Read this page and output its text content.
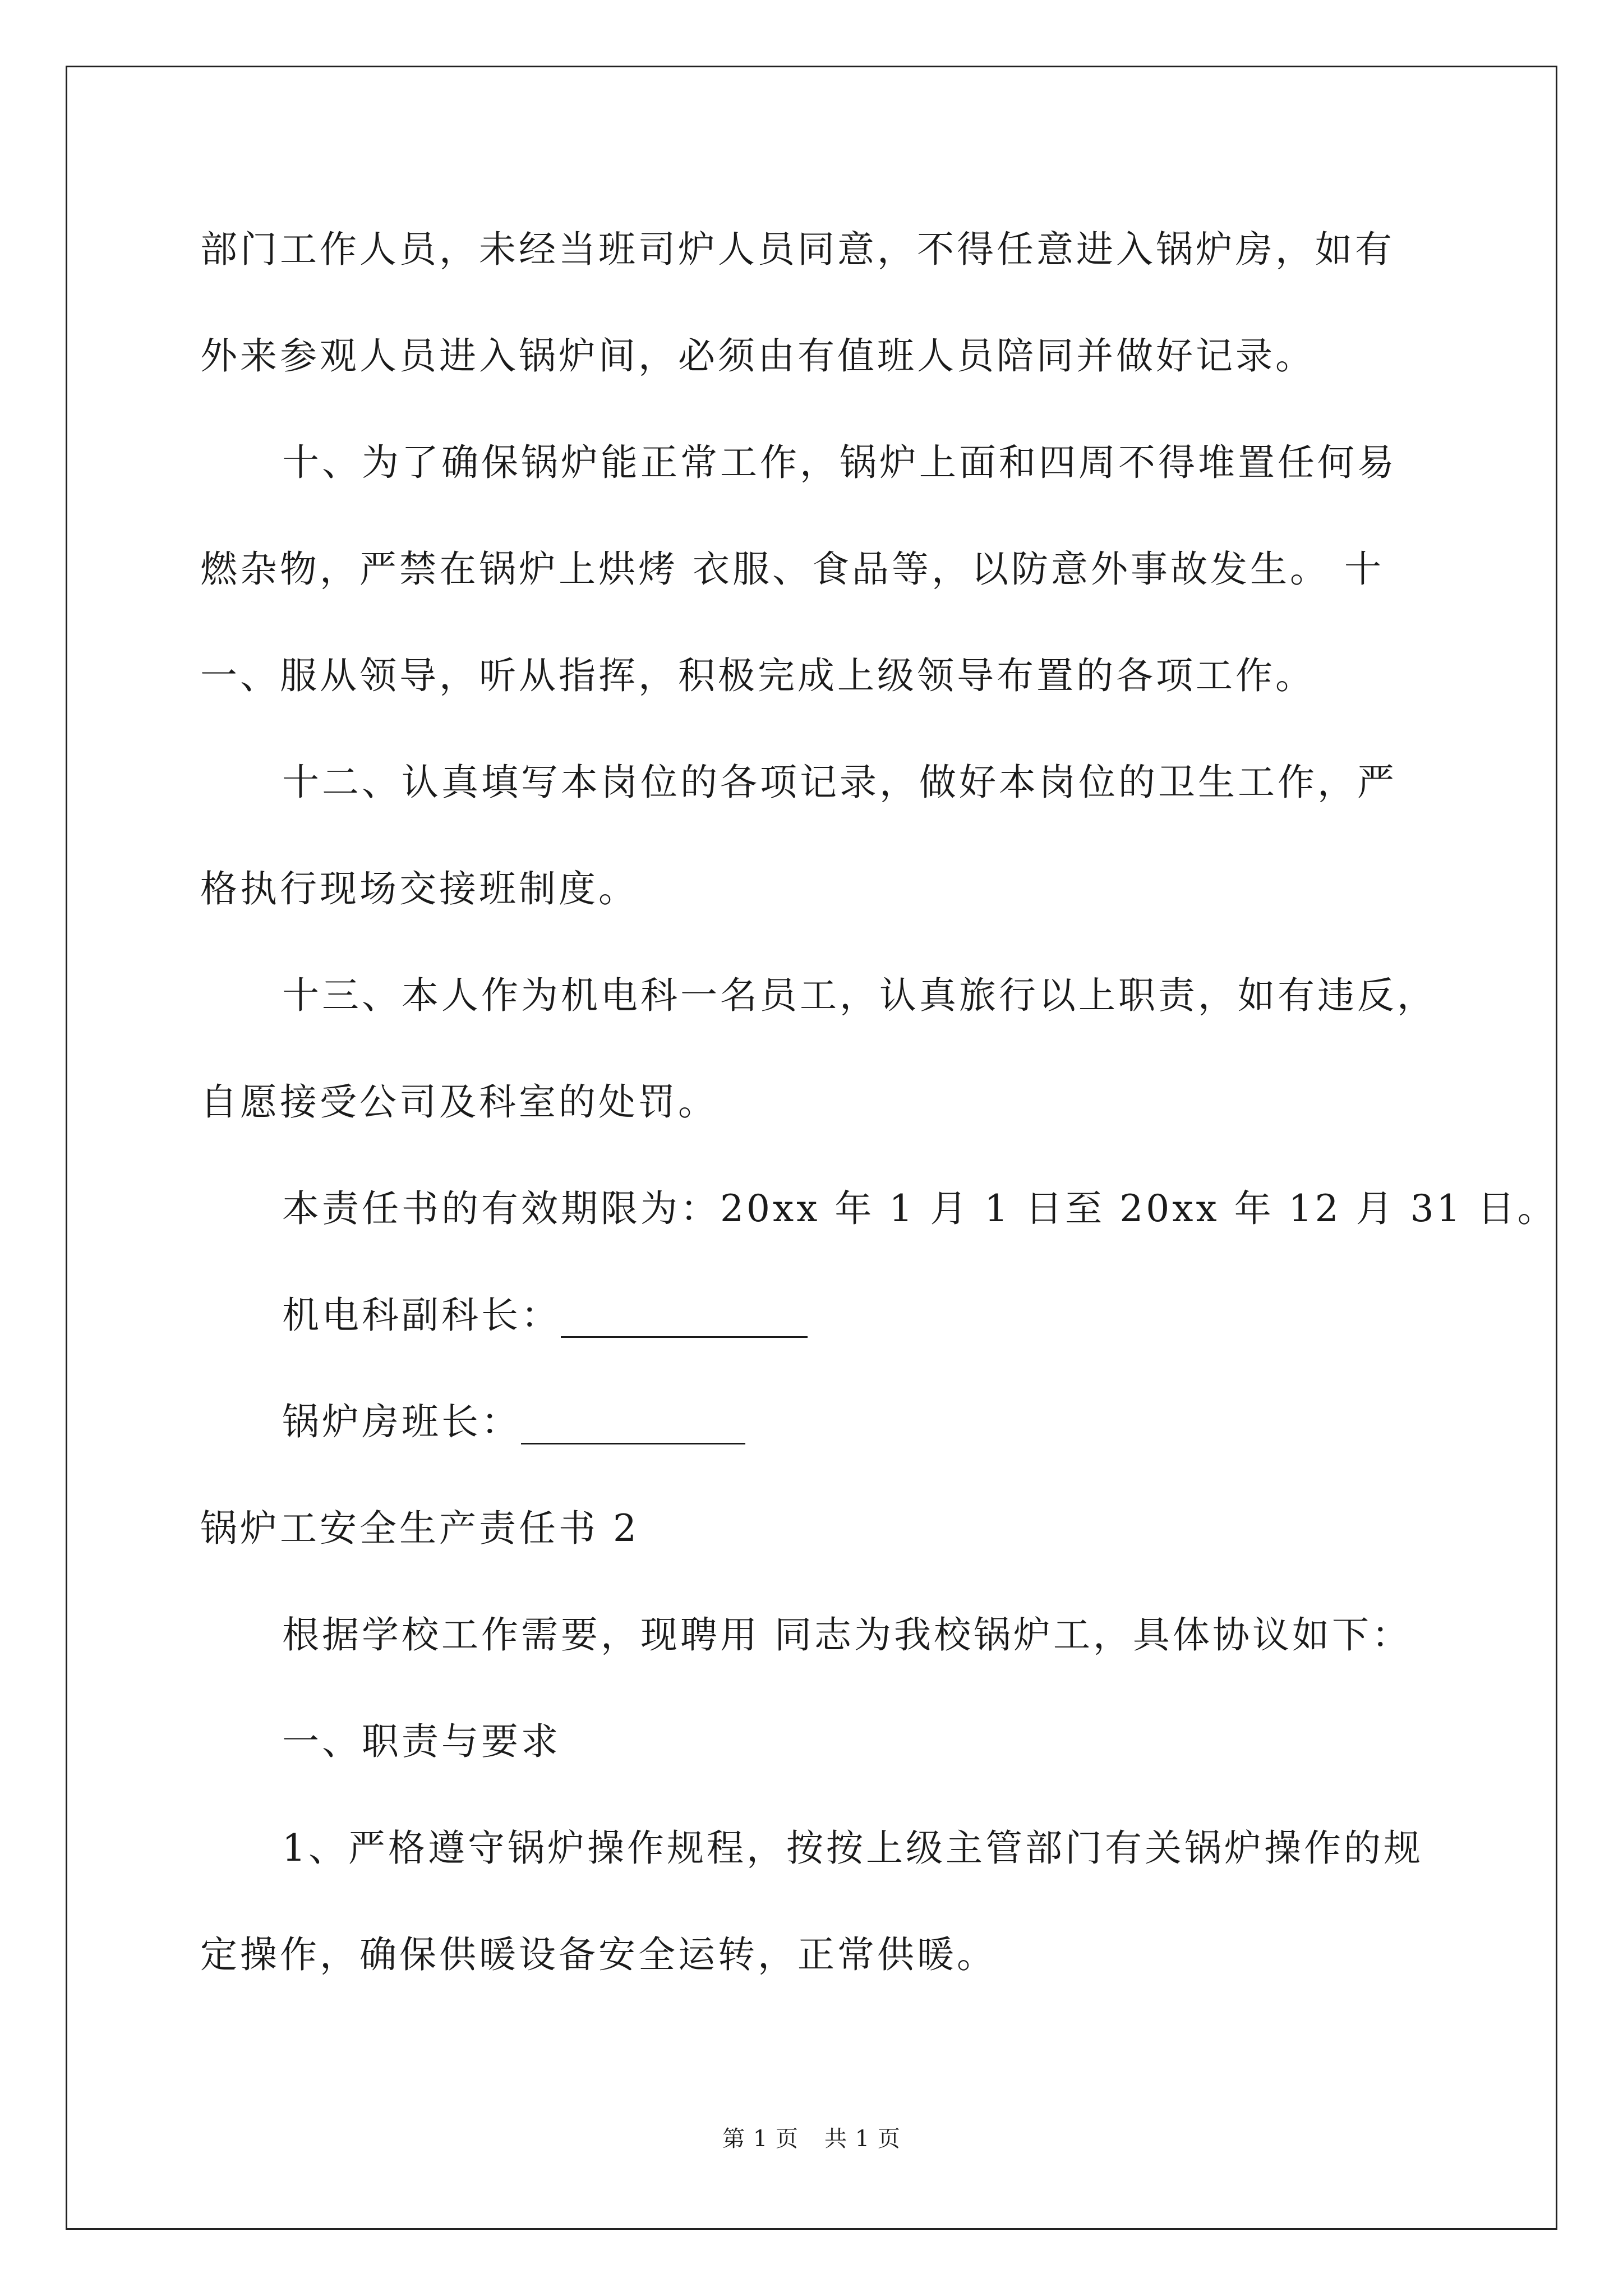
部门工作人员，未经当班司炉人员同意，不得任意进入锅炉房，如有
外来参观人员进入锅炉间，必须由有值班人员陪同并做好记录。
十、为了确保锅炉能正常工作，锅炉上面和四周不得堆置任何易
燃杂物，严禁在锅炉上烘烤 衣服、食品等，以防意外事故发生。 十
一、服从领导，听从指挥，积极完成上级领导布置的各项工作。
十二、认真填写本岗位的各项记录，做好本岗位的卫生工作，严
格执行现场交接班制度。
十三、本人作为机电科一名员工，认真旅行以上职责，如有违反，
自愿接受公司及科室的处罚。
本责任书的有效期限为：20xx 年 1 月 1 日至 20xx 年 12 月 31 日。
机电科副科长：
锅炉房班长：
锅炉工安全生产责任书 2
根据学校工作需要，现聘用 同志为我校锅炉工，具体协议如下：
一、职责与要求
1、严格遵守锅炉操作规程，按按上级主管部门有关锅炉操作的规
定操作，确保供暖设备安全运转，正常供暖。
第 1 页 共 1 页
